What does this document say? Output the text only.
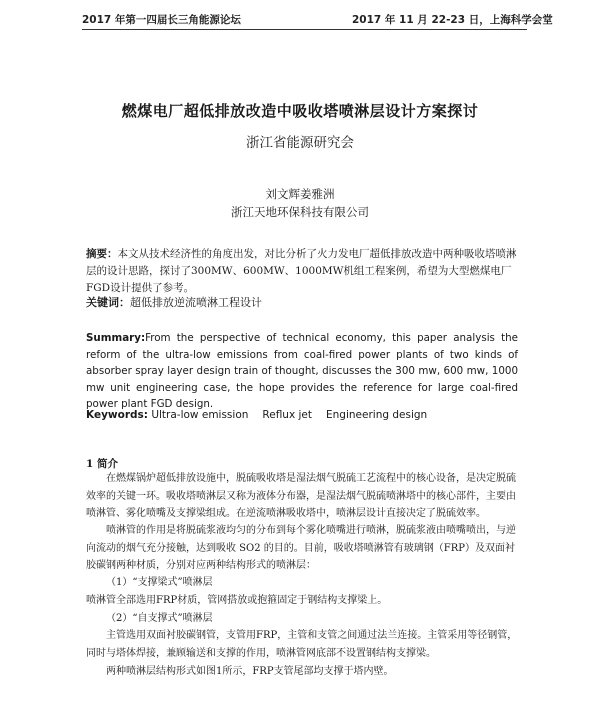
2017 年第一四届长三角能源论坛	2017 年 11 月 22-23 日，上海科学会堂
燃煤电厂超低排放改造中吸收塔喷淋层设计方案探讨
浙江省能源研究会
刘文辉姜雅洲
浙江天地环保科技有限公司

摘要：本文从技术经济性的角度出发，对比分析了火力发电厂超低排放改造中两种吸收塔喷淋层的设计思路，探讨了300MW、600MW、1000MW机组工程案例，希望为大型燃煤电厂FGD设计提供了参考。

关键词：超低排放逆流喷淋工程设计

Summary:From the perspective of technical economy, this paper analysis the reform of the ultra-low emissions from coal-fired power plants of two kinds of absorber spray layer design train of thought, discusses the 300 mw, 600 mw, 1000 mw unit engineering case, the hope provides the reference for large coal-fired power plant FGD design.

Keywords: Ultra-low emission Reflux jet Engineering design

1 简介

在燃煤锅炉超低排放设施中，脱硫吸收塔是湿法烟气脱硫工艺流程中的核心设备，是决定脱硫效率的关键一环。吸收塔喷淋层又称为液体分布器，是湿法烟气脱硫喷淋塔中的核心部件，主要由喷淋管、雾化喷嘴及支撑梁组成。在逆流喷淋吸收塔中，喷淋层设计直接决定了脱硫效率。

喷淋管的作用是将脱硫浆液均匀的分布到每个雾化喷嘴进行喷淋，脱硫浆液由喷嘴喷出，与逆向流动的烟气充分接触，达到吸收 SO2 的目的。目前，吸收塔喷淋管有玻璃钢（FRP）及双面衬胶碳钢两种材质，分别对应两种结构形式的喷淋层：

（1）“支撑梁式”喷淋层

喷淋管全部选用FRP材质，管网搭放或抱箍固定于钢结构支撑梁上。

（2）“自支撑式”喷淋层

主管选用双面衬胶碳钢管，支管用FRP，主管和支管之间通过法兰连接。主管采用等径钢管，同时与塔体焊接，兼顾输送和支撑的作用，喷淋管网底部不设置钢结构支撑梁。

两种喷淋层结构形式如图1所示，FRP支管尾部均支撑于塔内壁。
